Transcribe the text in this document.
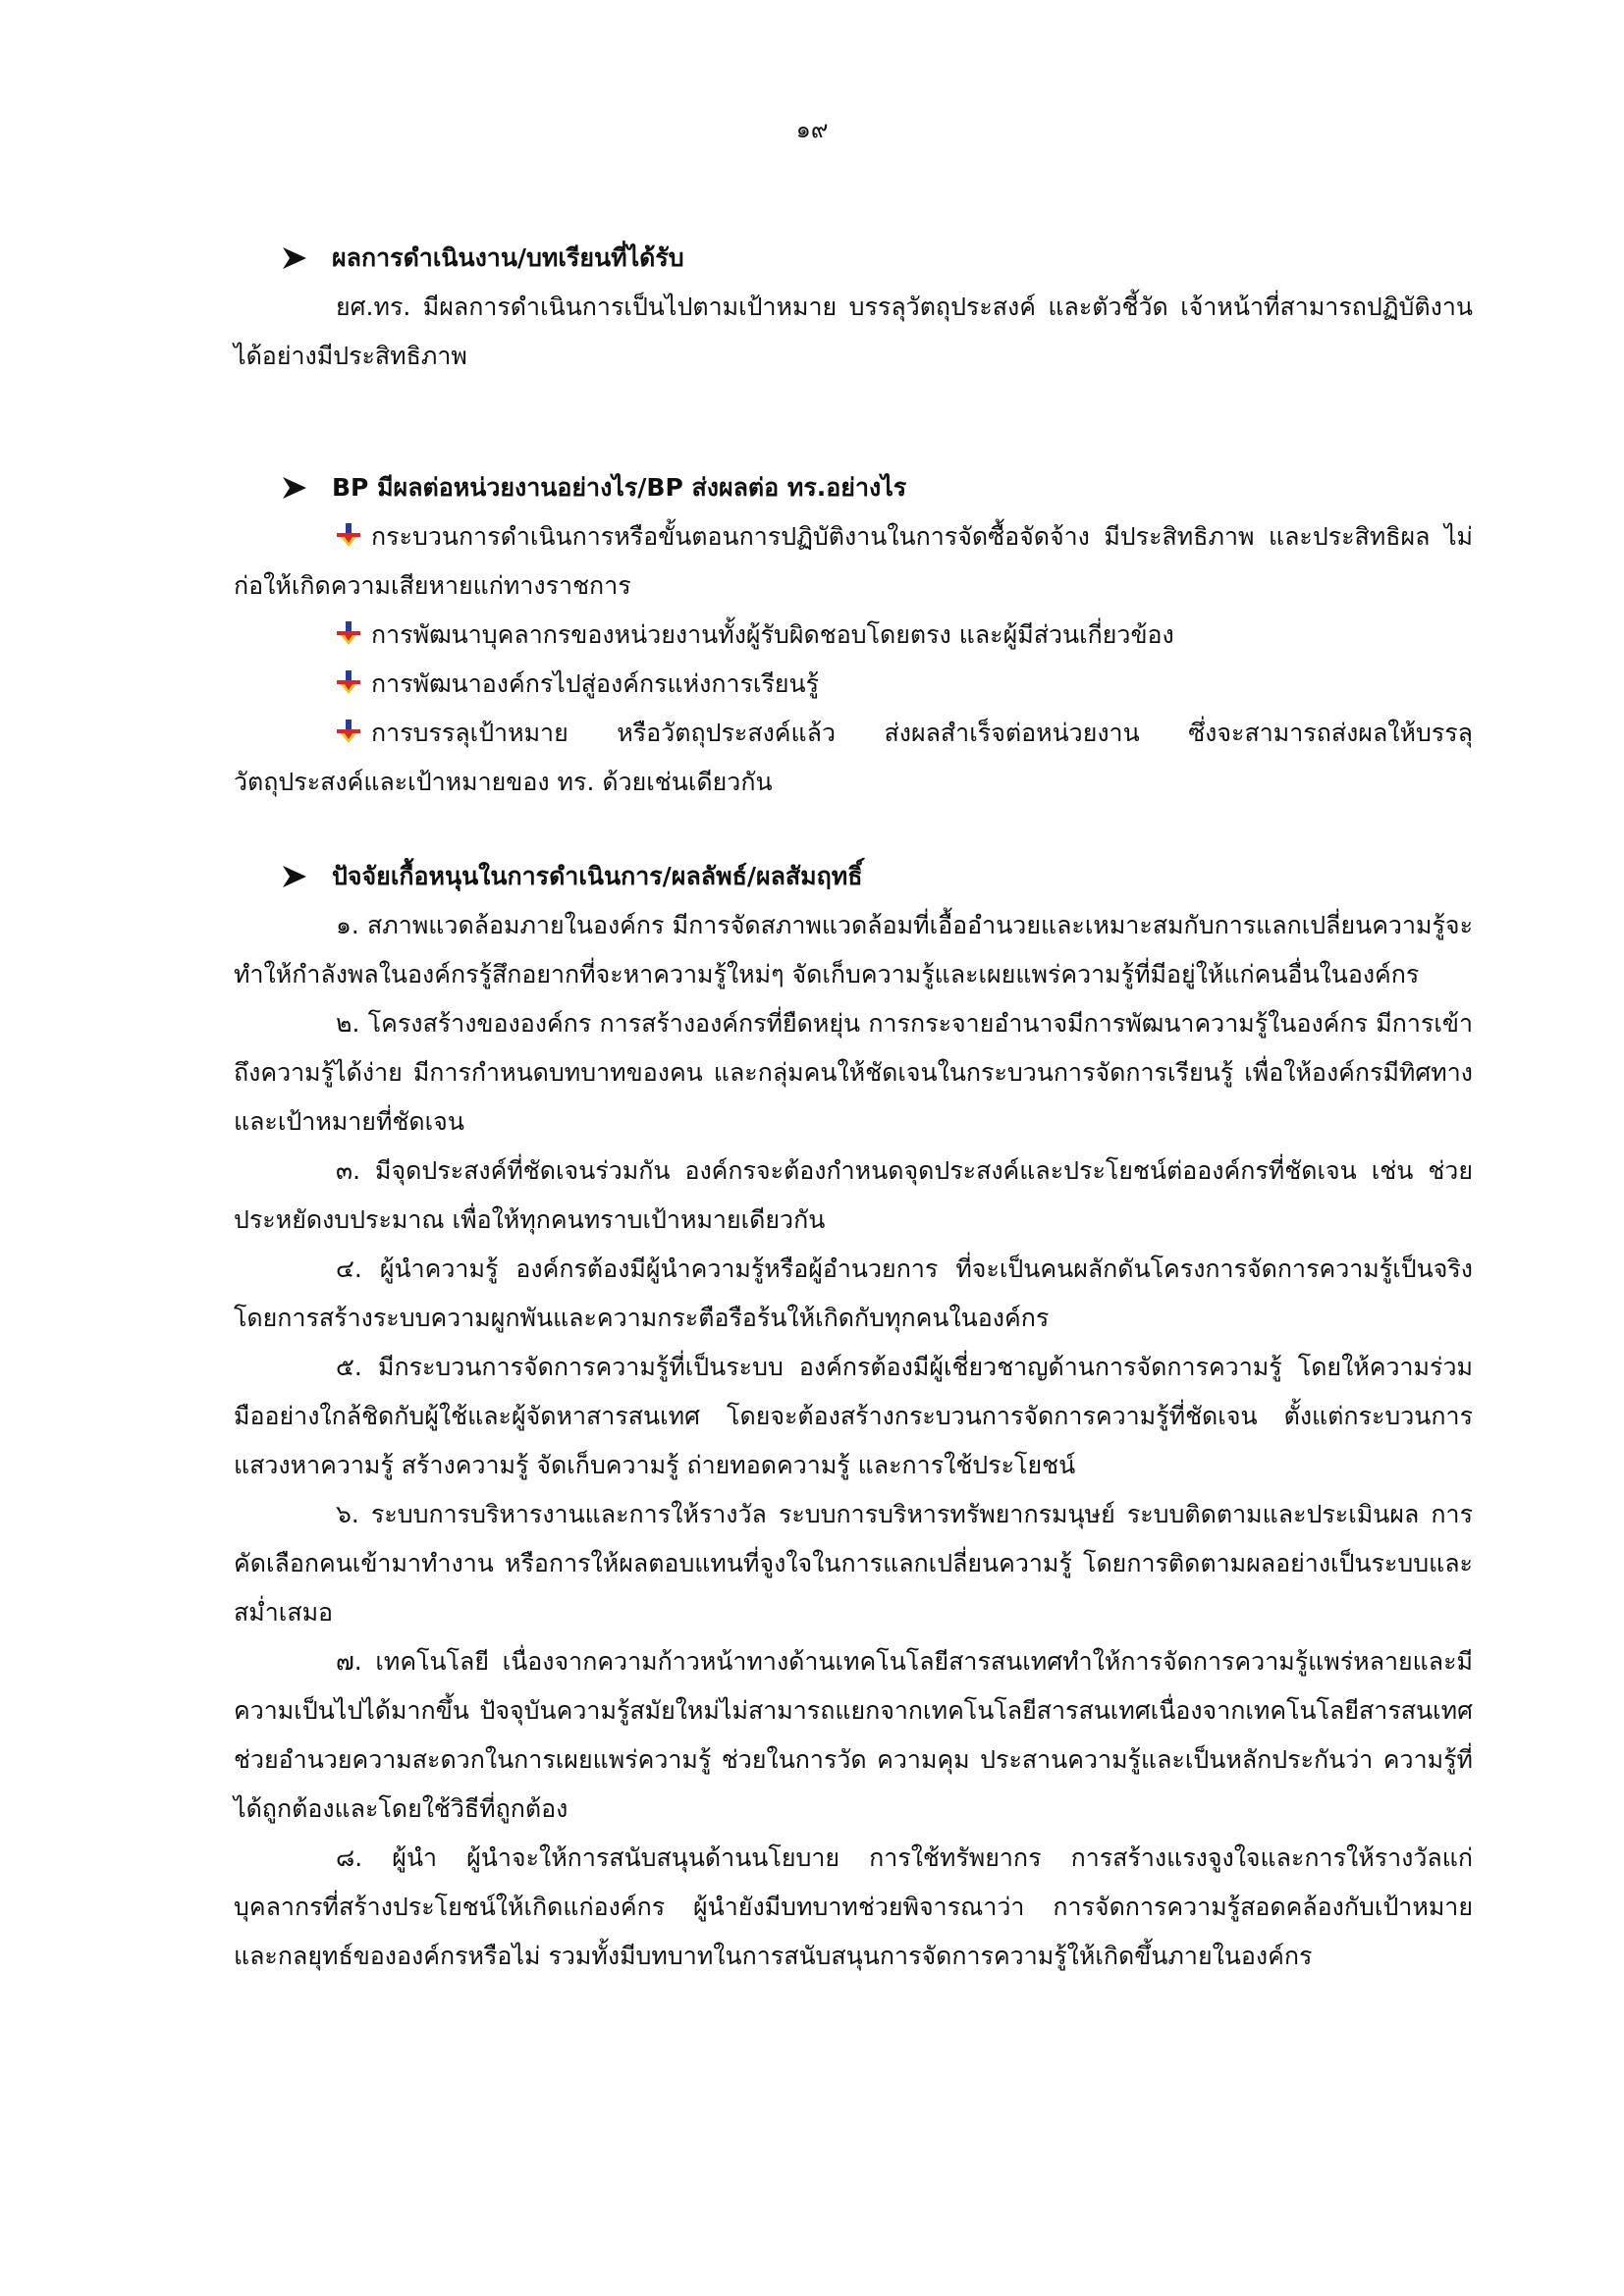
๑๙
ผลการดำเนินงาน/บทเรียนที่ได้รับ

ยศ.ทร. มีผลการดำเนินการเป็นไปตามเป้าหมาย บรรลุวัตถุประสงค์ และตัวชี้วัด เจ้าหน้าที่สามารถปฏิบัติงานได้อย่างมีประสิทธิภาพ

BP มีผลต่อหน่วยงานอย่างไร/BP ส่งผลต่อ ทร.อย่างไร

กระบวนการดำเนินการหรือขั้นตอนการปฏิบัติงานในการจัดซื้อจัดจ้าง มีประสิทธิภาพ และประสิทธิผล ไม่ก่อให้เกิดความเสียหายแก่ทางราชการ

การพัฒนาบุคลากรของหน่วยงานทั้งผู้รับผิดชอบโดยตรง และผู้มีส่วนเกี่ยวข้อง

การพัฒนาองค์กรไปสู่องค์กรแห่งการเรียนรู้

การบรรลุเป้าหมาย หรือวัตถุประสงค์แล้ว ส่งผลสำเร็จต่อหน่วยงาน ซึ่งจะสามารถส่งผลให้บรรลุวัตถุประสงค์และเป้าหมายของ ทร. ด้วยเช่นเดียวกัน

ปัจจัยเกื้อหนุนในการดำเนินการ/ผลลัพธ์/ผลสัมฤทธิ์

๑. สภาพแวดล้อมภายในองค์กร มีการจัดสภาพแวดล้อมที่เอื้ออำนวยและเหมาะสมกับการแลกเปลี่ยนความรู้จะทำให้กำลังพลในองค์กรรู้สึกอยากที่จะหาความรู้ใหม่ๆ จัดเก็บความรู้และเผยแพร่ความรู้ที่มีอยู่ให้แก่คนอื่นในองค์กร

๒. โครงสร้างขององค์กร การสร้างองค์กรที่ยืดหยุ่น การกระจายอำนาจมีการพัฒนาความรู้ในองค์กร มีการเข้าถึงความรู้ได้ง่าย มีการกำหนดบทบาทของคน และกลุ่มคนให้ชัดเจนในกระบวนการจัดการเรียนรู้ เพื่อให้องค์กรมีทิศทางและเป้าหมายที่ชัดเจน

๓. มีจุดประสงค์ที่ชัดเจนร่วมกัน องค์กรจะต้องกำหนดจุดประสงค์และประโยชน์ต่อองค์กรที่ชัดเจน เช่น ช่วยประหยัดงบประมาณ เพื่อให้ทุกคนทราบเป้าหมายเดียวกัน

๔. ผู้นำความรู้ องค์กรต้องมีผู้นำความรู้หรือผู้อำนวยการ ที่จะเป็นคนผลักดันโครงการจัดการความรู้เป็นจริง โดยการสร้างระบบความผูกพันและความกระตือรือร้นให้เกิดกับทุกคนในองค์กร

๕. มีกระบวนการจัดการความรู้ที่เป็นระบบ องค์กรต้องมีผู้เชี่ยวชาญด้านการจัดการความรู้ โดยให้ความร่วมมืออย่างใกล้ชิดกับผู้ใช้และผู้จัดหาสารสนเทศ โดยจะต้องสร้างกระบวนการจัดการความรู้ที่ชัดเจน ตั้งแต่กระบวนการแสวงหาความรู้ สร้างความรู้ จัดเก็บความรู้ ถ่ายทอดความรู้ และการใช้ประโยชน์

๖. ระบบการบริหารงานและการให้รางวัล ระบบการบริหารทรัพยากรมนุษย์ ระบบติดตามและประเมินผล การคัดเลือกคนเข้ามาทำงาน หรือการให้ผลตอบแทนที่จูงใจในการแลกเปลี่ยนความรู้ โดยการติดตามผลอย่างเป็นระบบและสม่ำเสมอ

๗. เทคโนโลยี เนื่องจากความก้าวหน้าทางด้านเทคโนโลยีสารสนเทศทำให้การจัดการความรู้แพร่หลายและมีความเป็นไปได้มากขึ้น ปัจจุบันความรู้สมัยใหม่ไม่สามารถแยกจากเทคโนโลยีสารสนเทศเนื่องจากเทคโนโลยีสารสนเทศช่วยอำนวยความสะดวกในการเผยแพร่ความรู้ ช่วยในการวัด ความคุม ประสานความรู้และเป็นหลักประกันว่า ความรู้ที่ได้ถูกต้องและโดยใช้วิธีที่ถูกต้อง

๘. ผู้นำ ผู้นำจะให้การสนับสนุนด้านนโยบาย การใช้ทรัพยากร การสร้างแรงจูงใจและการให้รางวัลแก่บุคลากรที่สร้างประโยชน์ให้เกิดแก่องค์กร ผู้นำยังมีบทบาทช่วยพิจารณาว่า การจัดการความรู้สอดคล้องกับเป้าหมายและกลยุทธ์ขององค์กรหรือไม่ รวมทั้งมีบทบาทในการสนับสนุนการจัดการความรู้ให้เกิดขึ้นภายในองค์กร
